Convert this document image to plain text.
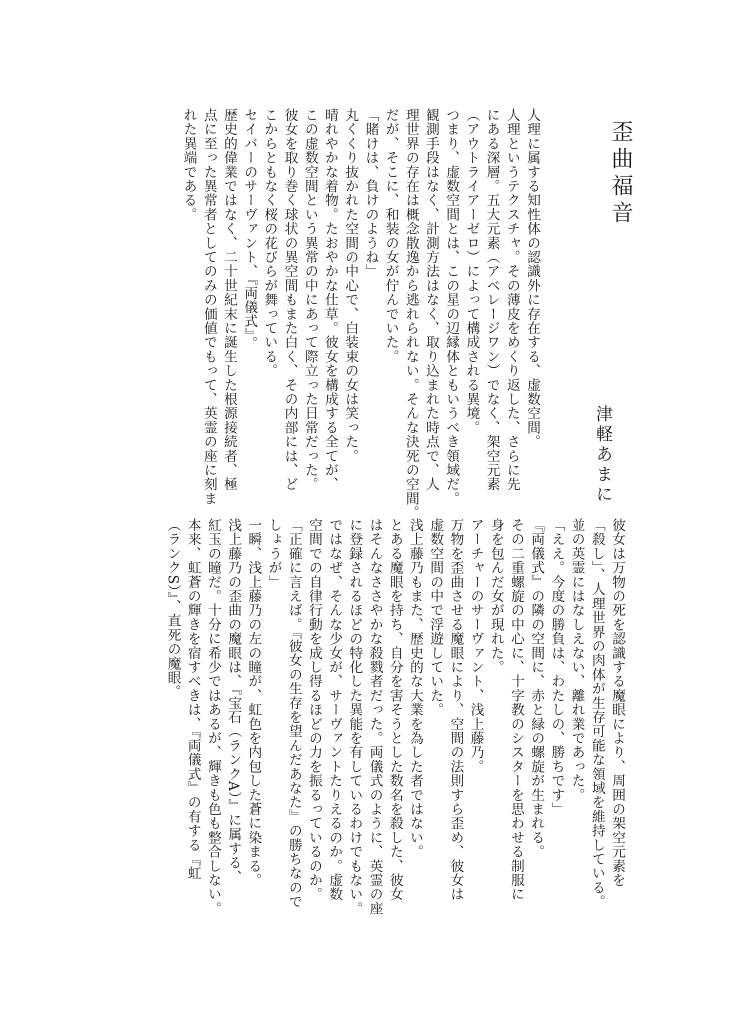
歪曲福音
津軽あまに
人理に属する知性体の認識外に存在する、虚数空間。
人理というテクスチャ。その薄皮をめくり返した、さらに先
にある深層。五大元素（アベレージワン）でなく、架空元素
（アウトライアーゼロ）によって構成される異境。
つまり、虚数空間とは、この星の辺縁体ともいうべき領域だ。
観測手段はなく、計測方法はなく、取り込まれた時点で、人
理世界の存在は概念散逸から逃れられない。そんな決死の空間。
だが、そこに、和装の女が佇んでいた。
「賭けは、負けのようね」
丸くくり抜かれた空間の中心で、白装束の女は笑った。
晴れやかな着物。たおやかな仕草。彼女を構成する全てが、
この虚数空間という異常の中にあって際立った日常だった。
彼女を取り巻く球状の異空間もまた白く、その内部には、ど
こからともなく桜の花びらが舞っている。
セイバーのサーヴァント、『両儀式』。
歴史的偉業ではなく、二十世紀末に誕生した根源接続者、極
点に至った異常者としてのみの価値でもって、英霊の座に刻ま
れた異端である。
彼女は万物の死を認識する魔眼により、周囲の架空元素を
「殺し」、人理世界の肉体が生存可能な領域を維持している。
並の英霊にはなしえない、離れ業であった。
「ええ。今度の勝負は、わたしの、勝ちです」
『両儀式』の隣の空間に、赤と緑の螺旋が生まれる。
その二重螺旋の中心に、十字教のシスターを思わせる制服に
身を包んだ女が現れた。
アーチャーのサーヴァント、浅上藤乃。
万物を歪曲させる魔眼により、空間の法則すら歪め、彼女は
虚数空間の中で浮遊していた。
浅上藤乃もまた、歴史的な大業を為した者ではない。
とある魔眼を持ち、自分を害そうとした数名を殺した、彼女
はそんなささやかな殺戮者だった。両儀式のように、英霊の座
に登録されるほどの特化した異能を有しているわけでもない。
ではなぜ、そんな少女が、サーヴァントたりえるのか。虚数
空間での自律行動を成し得るほどの力を振るっているのか。
「正確に言えば。『彼女の生存を望んだあなた』の勝ちなので
しょうが」
一瞬、浅上藤乃の左の瞳が、虹色を内包した蒼に染まる。
浅上藤乃の歪曲の魔眼は、『宝石（ランクA）』に属する、
紅玉の瞳だ。十分に希少ではあるが、輝きも色も整合しない。
本来、虹蒼の輝きを宿すべきは、『両儀式』の有する『虹
（ランクS）』、直死の魔眼。
